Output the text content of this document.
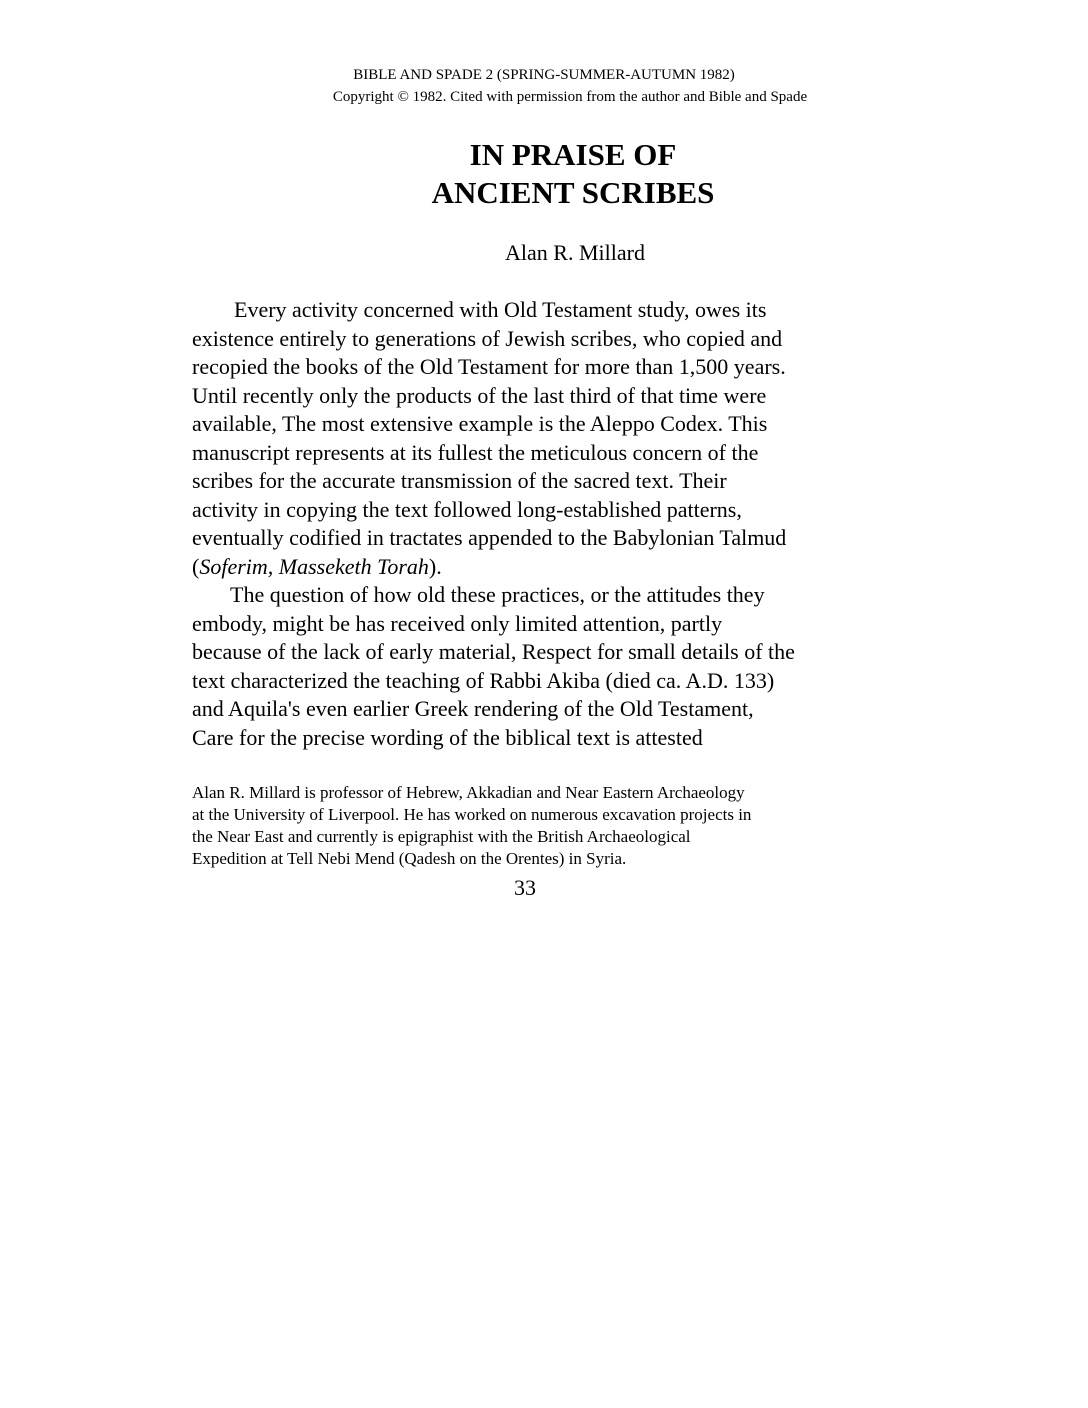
BIBLE AND SPADE 2 (SPRING-SUMMER-AUTUMN 1982)
Copyright © 1982. Cited with permission from the author and Bible and Spade
IN PRAISE OF
ANCIENT SCRIBES
Alan R. Millard
Every activity concerned with Old Testament study, owes its
existence entirely to generations of Jewish scribes, who copied and
recopied the books of the Old Testament for more than 1,500 years.
Until recently only the products of the last third of that time were
available, The most extensive example is the Aleppo Codex. This
manuscript represents at its fullest the meticulous concern of the
scribes for the accurate transmission of the sacred text. Their
activity in copying the text followed long-established patterns,
eventually codified in tractates appended to the Babylonian Talmud
(Soferim, Masseketh Torah).
The question of how old these practices, or the attitudes they
embody, might be has received only limited attention, partly
because of the lack of early material, Respect for small details of the
text characterized the teaching of Rabbi Akiba (died ca. A.D. 133)
and Aquila's even earlier Greek rendering of the Old Testament,
Care for the precise wording of the biblical text is attested
Alan R. Millard is professor of Hebrew, Akkadian and Near Eastern Archaeology
at the University of Liverpool. He has worked on numerous excavation projects in
the Near East and currently is epigraphist with the British Archaeological
Expedition at Tell Nebi Mend (Qadesh on the Orentes) in Syria.
33
